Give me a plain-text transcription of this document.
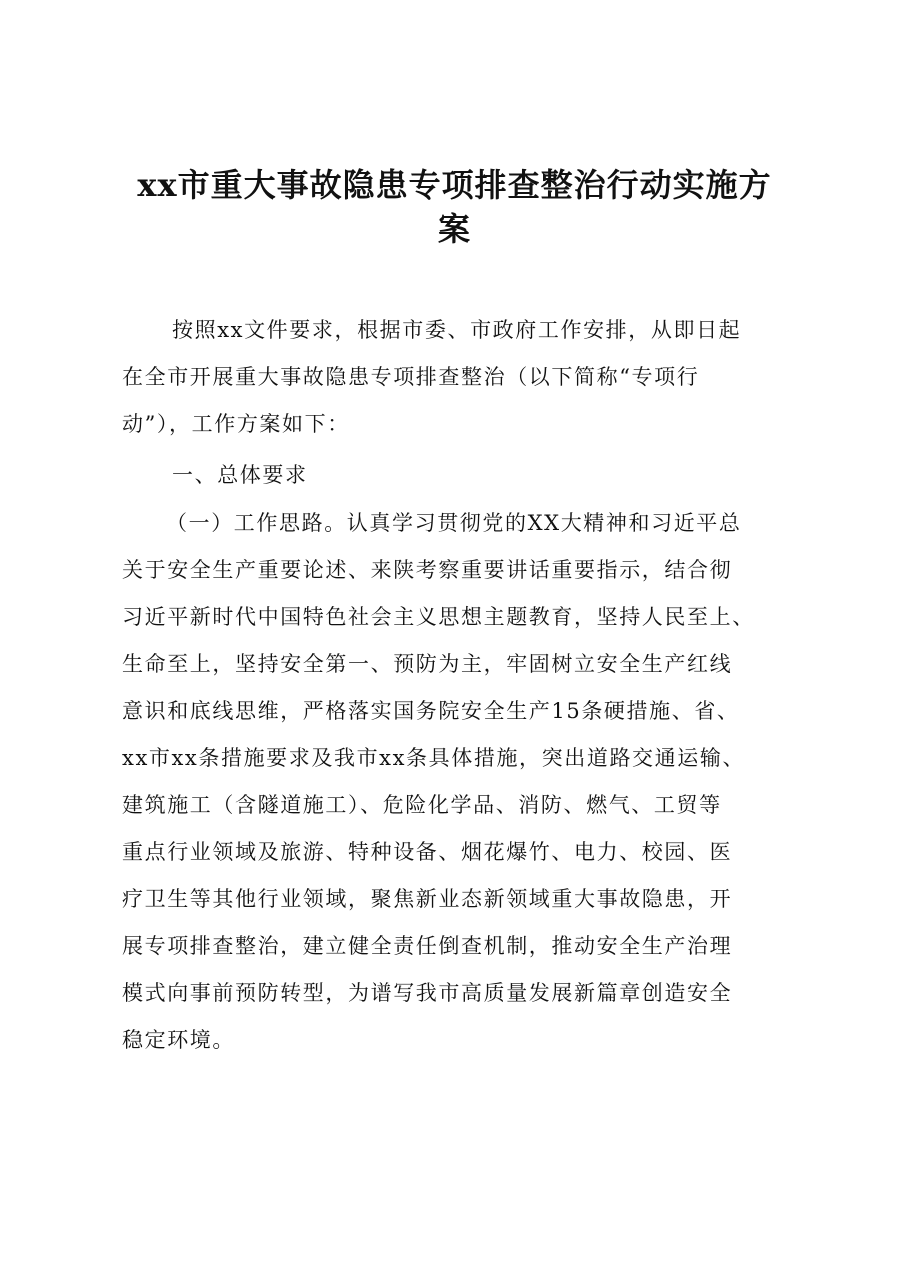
xx市重大事故隐患专项排查整治行动实施方
案
按照xx文件要求，根据市委、市政府工作安排，从即日起
在全市开展重大事故隐患专项排查整治（以下简称“专项行
动”），工作方案如下：
一、总体要求
（一）工作思路。认真学习贯彻党的XX大精神和习近平总
关于安全生产重要论述、来陕考察重要讲话重要指示，结合彻
习近平新时代中国特色社会主义思想主题教育，坚持人民至上、
生命至上，坚持安全第一、预防为主，牢固树立安全生产红线
意识和底线思维，严格落实国务院安全生产15条硬措施、省、
xx市xx条措施要求及我市xx条具体措施，突出道路交通运输、
建筑施工（含隧道施工）、危险化学品、消防、燃气、工贸等
重点行业领域及旅游、特种设备、烟花爆竹、电力、校园、医
疗卫生等其他行业领域，聚焦新业态新领域重大事故隐患，开
展专项排查整治，建立健全责任倒查机制，推动安全生产治理
模式向事前预防转型，为谱写我市高质量发展新篇章创造安全
稳定环境。
